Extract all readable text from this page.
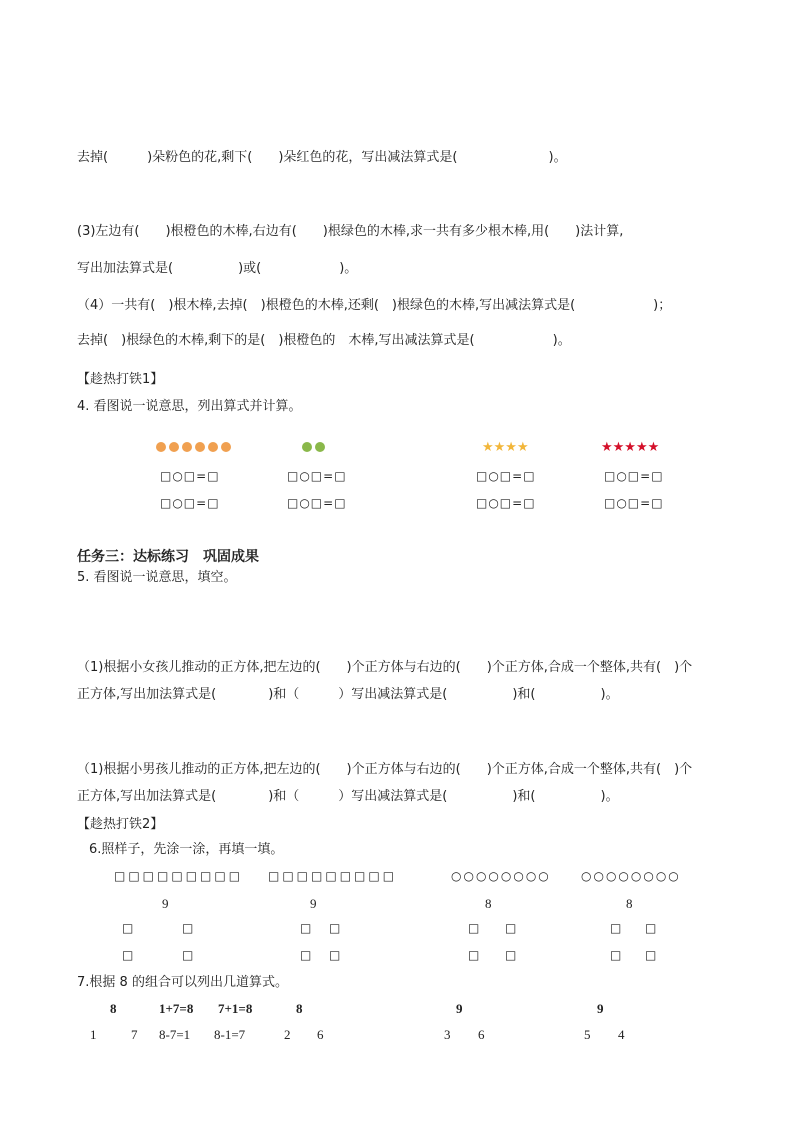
去掉(　　　)朵粉色的花,剩下(　　)朵红色的花，写出减法算式是(　　　　　　　)。
(3)左边有(　　)根橙色的木棒,右边有(　　)根绿色的木棒,求一共有多少根木棒,用(　　)法计算,
写出加法算式是(　　　　　)或(　　　　　　)。
（4）一共有(　)根木棒,去掉(　)根橙色的木棒,还剩(　)根绿色的木棒,写出减法算式是(　　　　　　)；
去掉(　)根绿色的木棒,剩下的是(　)根橙色的　木棒,写出减法算式是(　　　　　　)。
【趁热打铁1】
4. 看图说一说意思，列出算式并计算。
★★★★	★★★★★
□○□=□	□○□=□	□○□=□	□○□=□
□○□=□	□○□=□	□○□=□	□○□=□
任务三：达标练习　巩固成果
5. 看图说一说意思，填空。
（1)根据小女孩儿推动的正方体,把左边的(　　)个正方体与右边的(　　)个正方体,合成一个整体,共有(　)个
正方体,写出加法算式是(　　　　)和（　　　）写出减法算式是(　　　　　)和(　　　　　)。
（1)根据小男孩儿推动的正方体,把左边的(　　)个正方体与右边的(　　)个正方体,合成一个整体,共有(　)个
正方体,写出加法算式是(　　　　)和（　　　）写出减法算式是(　　　　　)和(　　　　　)。
【趁热打铁2】
6.照样子，先涂一涂，再填一填。
□□□□□□□□□ □□□□□□□□□	○○○○○○○○	○○○○○○○○
9	9	8	8
□	□	□ □	□ □	□ □
□	□	□ □	□ □	□ □
7.根据 8 的组合可以列出几道算式。
8	1+7=8 7+1=8	8	9	9
1	7 8-7=1 8-1=7	2 6	3 6	5 4
